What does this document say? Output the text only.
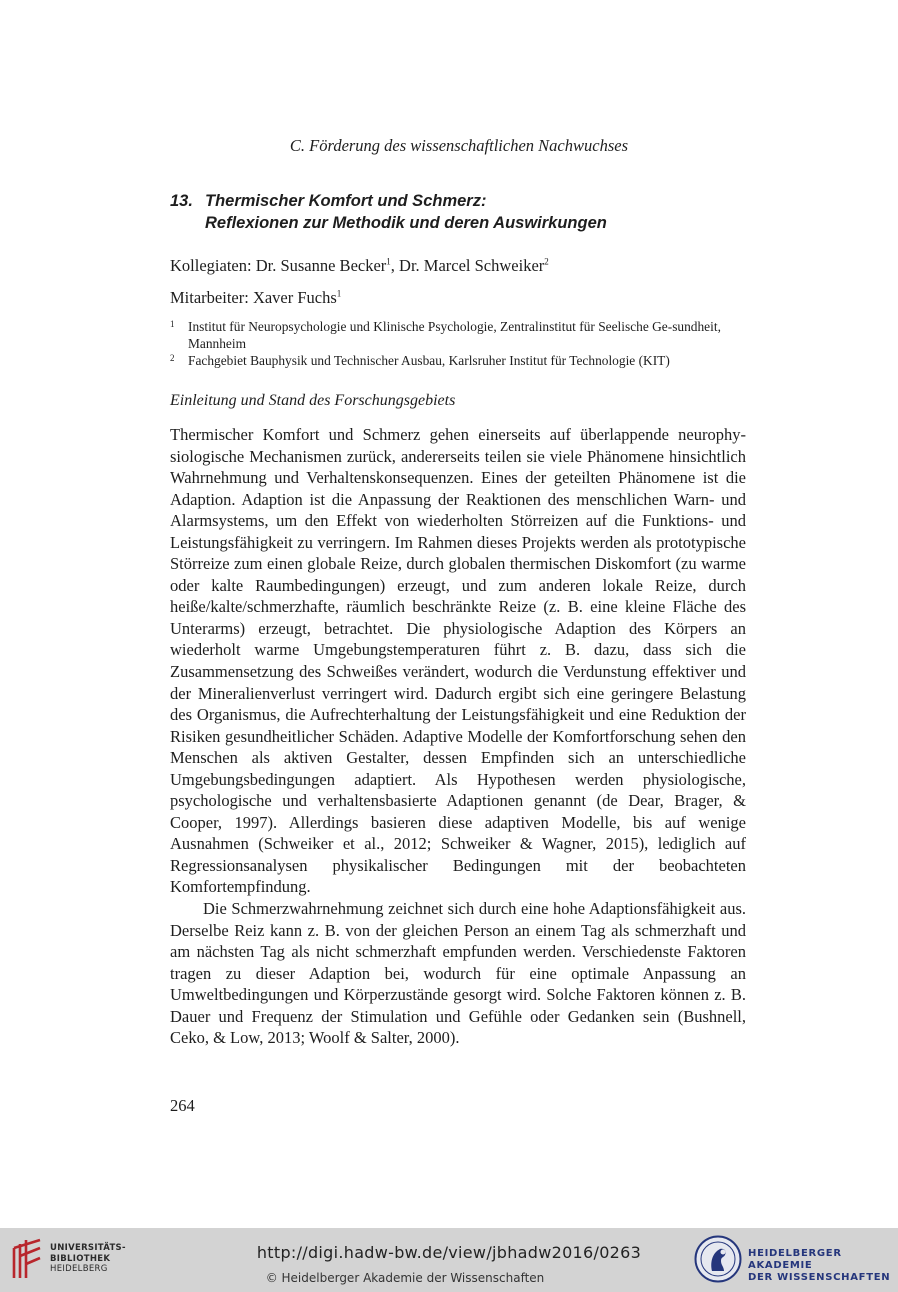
C. Förderung des wissenschaftlichen Nachwuchses
13. Thermischer Komfort und Schmerz:
Reflexionen zur Methodik und deren Auswirkungen
Kollegiaten: Dr. Susanne Becker$^1$, Dr. Marcel Schweiker$^2$
Mitarbeiter: Xaver Fuchs$^1$
1 Institut für Neuropsychologie und Klinische Psychologie, Zentralinstitut für Seelische Ge-sundheit, Mannheim
2 Fachgebiet Bauphysik und Technischer Ausbau, Karlsruher Institut für Technologie (KIT)
Einleitung und Stand des Forschungsgebiets

Thermischer Komfort und Schmerz gehen einerseits auf überlappende neurophysiologische Mechanismen zurück, andererseits teilen sie viele Phänomene hinsichtlich Wahrnehmung und Verhaltenskonsequenzen. Eines der geteilten Phänomene ist die Adaption. Adaption ist die Anpassung der Reaktionen des menschlichen Warn- und Alarmsystems, um den Effekt von wiederholten Störreizen auf die Funktions- und Leistungsfähigkeit zu verringern. Im Rahmen dieses Projekts werden als prototypische Störreize zum einen globale Reize, durch globalen thermischen Diskomfort (zu warme oder kalte Raumbedingungen) erzeugt, und zum anderen lokale Reize, durch heiße/kalte/schmerzhafte, räumlich beschränkte Reize (z. B. eine kleine Fläche des Unterarms) erzeugt, betrachtet. Die physiologische Adaption des Körpers an wiederholt warme Umgebungstemperaturen führt z. B. dazu, dass sich die Zusammensetzung des Schweißes verändert, wodurch die Verdunstung effektiver und der Mineralienverlust verringert wird. Dadurch ergibt sich eine geringere Belastung des Organismus, die Aufrechterhaltung der Leistungsfähigkeit und eine Reduktion der Risiken gesundheitlicher Schäden. Adaptive Modelle der Komfortforschung sehen den Menschen als aktiven Gestalter, dessen Empfinden sich an unterschiedliche Umgebungsbedingungen adaptiert. Als Hypothesen werden physiologische, psychologische und verhaltensbasierte Adaptionen genannt (de Dear, Brager, & Cooper, 1997). Allerdings basieren diese adaptiven Modelle, bis auf wenige Ausnahmen (Schweiker et al., 2012; Schweiker & Wagner, 2015), lediglich auf Regressionsanalysen physikalischer Bedingungen mit der beobachteten Komfortempfindung.

Die Schmerzwahrnehmung zeichnet sich durch eine hohe Adaptionsfähigkeit aus. Derselbe Reiz kann z. B. von der gleichen Person an einem Tag als schmerzhaft und am nächsten Tag als nicht schmerzhaft empfunden werden. Verschiedenste Faktoren tragen zu dieser Adaption bei, wodurch für eine optimale Anpassung an Umweltbedingungen und Körperzustände gesorgt wird. Solche Faktoren können z. B. Dauer und Frequenz der Stimulation und Gefühle oder Gedanken sein (Bushnell, Ceko, & Low, 2013; Woolf & Salter, 2000).

264
UNIVERSITÄTS-
BIBLIOTHEK
HEIDELBERG
http://digi.hadw-bw.de/view/jbhadw2016/0263
© Heidelberger Akademie der Wissenschaften
HEIDELBERGER AKADEMIE
DER WISSENSCHAFTEN
